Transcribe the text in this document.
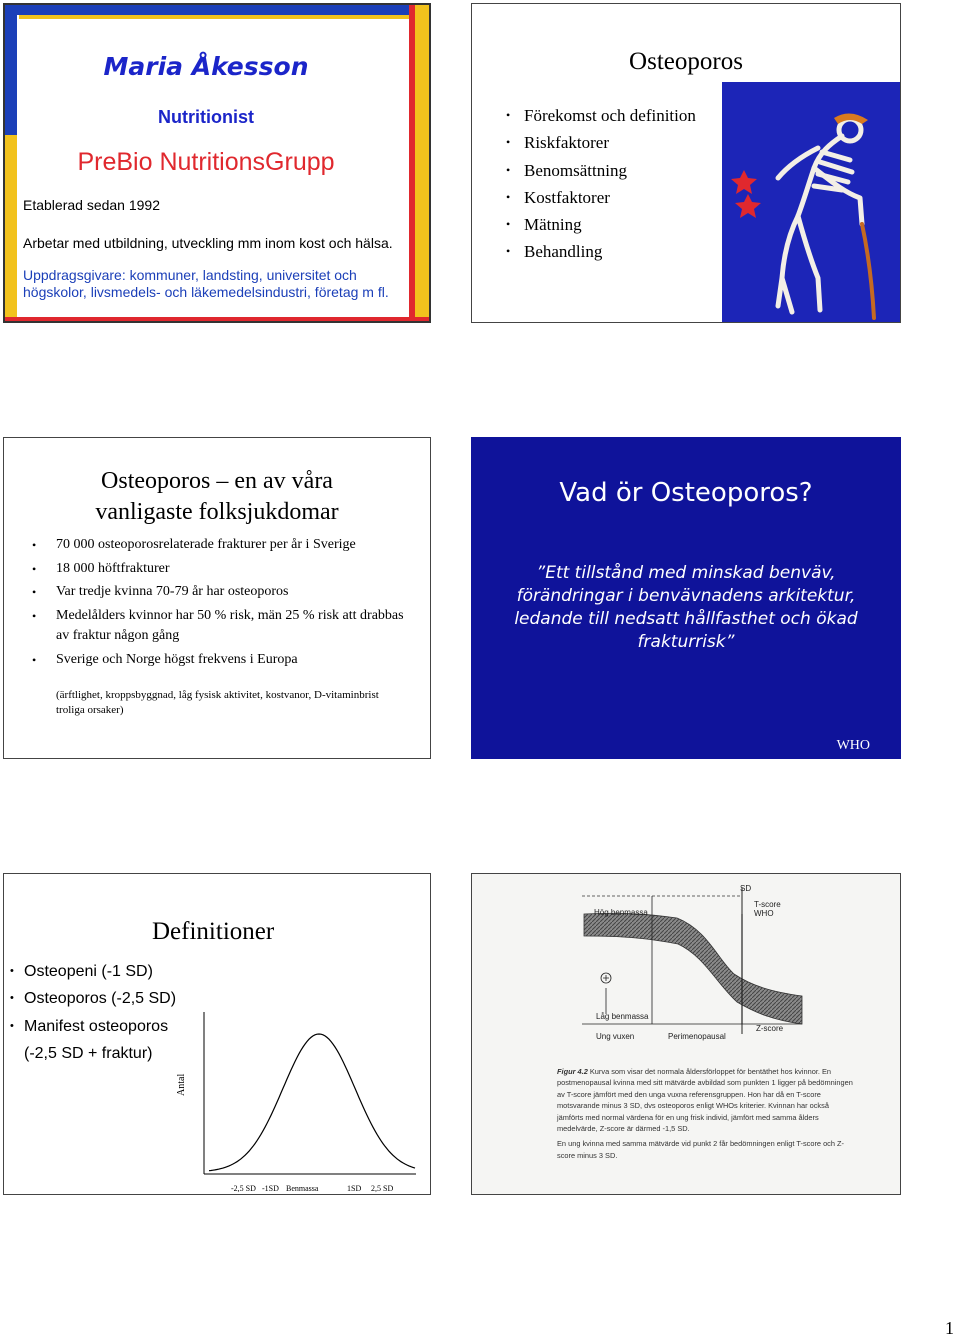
Maria Åkesson
Nutritionist
PreBio NutritionsGrupp
Etablerad sedan 1992
Arbetar med utbildning, utveckling mm inom kost och hälsa.
Uppdragsgivare: kommuner, landsting, universitet och högskolor, livsmedels- och läkemedelsindustri, företag m fl.
Osteoporos
• Förekomst och definition
• Riskfaktorer
• Benomsättning
• Kostfaktorer
• Mätning
• Behandling
Osteoporos – en av våra
vanligaste folksjukdomar
• 70 000 osteoporosrelaterade frakturer per år i Sverige
• 18 000 höftfrakturer
• Var tredje kvinna 70-79 år har osteoporos
• Medelålders kvinnor har 50 % risk, män 25 % risk att drabbas av fraktur någon gång
• Sverige och Norge högst frekvens i Europa
(ärftlighet, kroppsbyggnad, låg fysisk aktivitet, kostvanor, D-vitaminbrist troliga orsaker)
Vad ör Osteoporos?
”Ett tillstånd med minskad benväv, förändringar i benvävnadens arkitektur, ledande till nedsatt hållfasthet och ökad frakturrisk”
WHO
Definitioner
• Osteopeni (-1 SD)
• Osteoporos (-2,5 SD)
• Manifest osteoporos
(-2,5 SD + fraktur)
Antal
-2,5 SD -1SD Benmassa	1SD 2,5 SD
SD
T-score
WHO
Hög benmassa
Låg benmassa
Ung vuxen	Perimenopausal
Z-score
Figur 4.2 Kurva som visar det normala åldersförloppet för bentäthet hos kvinnor. En postmenopausal kvinna med sitt mätvärde avbildad som punkten 1 ligger på bedömningen av T-score jämfört med den unga vuxna referensgruppen. Hon har då en T-score motsvarande minus 3 SD, dvs osteoporos enligt WHOs kriterier. Kvinnan har också jämförts med normal värdena för en ung frisk individ, jämfört med samma ålders medelvärde, Z-score är därmed -1,5 SD.
En ung kvinna med samma mätvärde vid punkt 2 får bedömningen enligt T-score och Z-score minus 3 SD.
1
